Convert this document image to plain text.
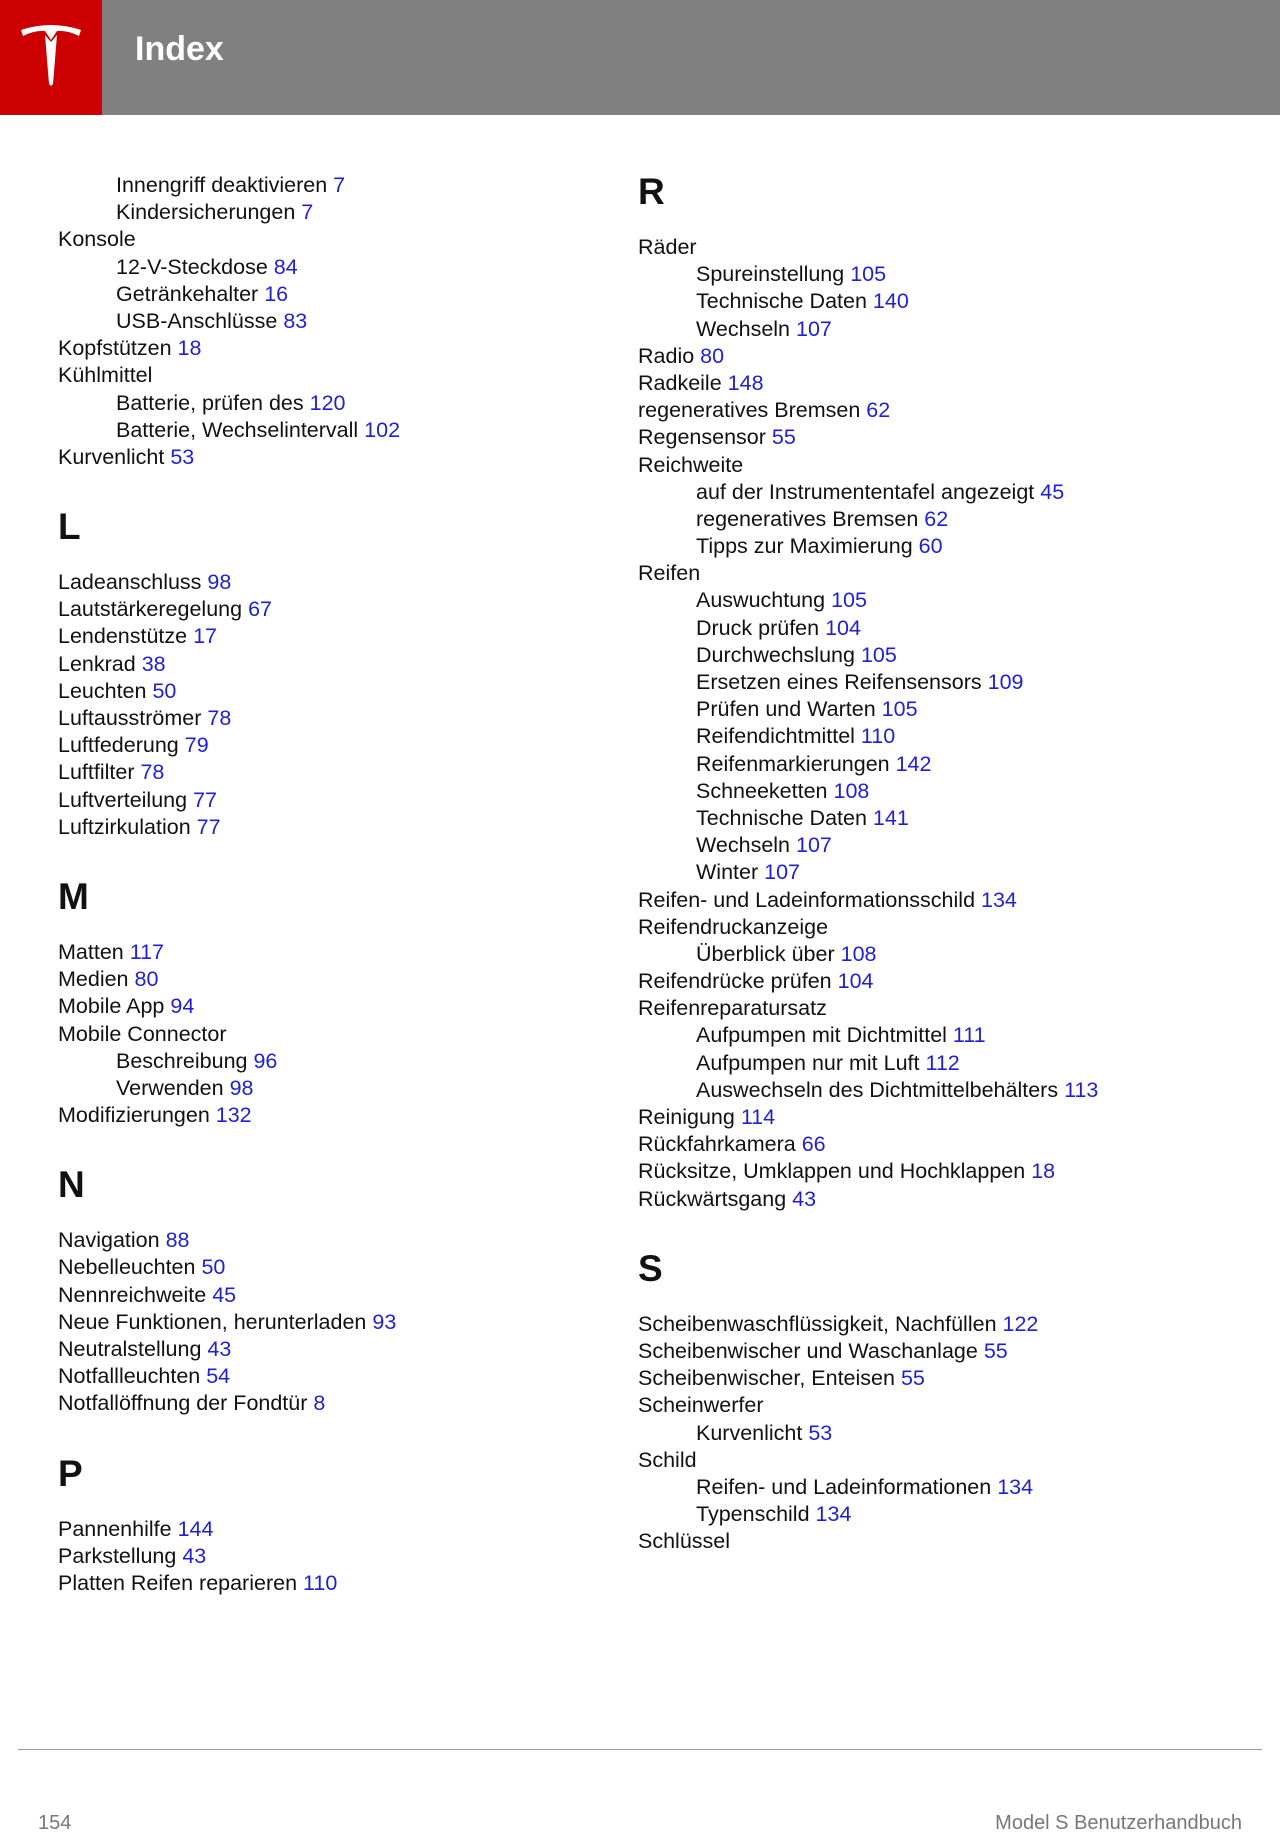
Index
Innengriff deaktivieren 7
Kindersicherungen 7
Konsole
12-V-Steckdose 84
Getränkehalter 16
USB-Anschlüsse 83
Kopfstützen 18
Kühlmittel
Batterie, prüfen des 120
Batterie, Wechselintervall 102
Kurvenlicht 53
L
Ladeanschluss 98
Lautstärkeregelung 67
Lendenstütze 17
Lenkrad 38
Leuchten 50
Luftausströmer 78
Luftfederung 79
Luftfilter 78
Luftverteilung 77
Luftzirkulation 77
M
Matten 117
Medien 80
Mobile App 94
Mobile Connector
Beschreibung 96
Verwenden 98
Modifizierungen 132
N
Navigation 88
Nebelleuchten 50
Nennreichweite 45
Neue Funktionen, herunterladen 93
Neutralstellung 43
Notfallleuchten 54
Notfallöffnung der Fondtür 8
P
Pannenhilfe 144
Parkstellung 43
Platten Reifen reparieren 110
R
Räder
Spureinstellung 105
Technische Daten 140
Wechseln 107
Radio 80
Radkeile 148
regeneratives Bremsen 62
Regensensor 55
Reichweite
auf der Instrumententafel angezeigt 45
regeneratives Bremsen 62
Tipps zur Maximierung 60
Reifen
Auswuchtung 105
Druck prüfen 104
Durchwechslung 105
Ersetzen eines Reifensensors 109
Prüfen und Warten 105
Reifendichtmittel 110
Reifenmarkierungen 142
Schneeketten 108
Technische Daten 141
Wechseln 107
Winter 107
Reifen- und Ladeinformationsschild 134
Reifendruckanzeige
Überblick über 108
Reifendrücke prüfen 104
Reifenreparatursatz
Aufpumpen mit Dichtmittel 111
Aufpumpen nur mit Luft 112
Auswechseln des Dichtmittelbehälters 113
Reinigung 114
Rückfahrkamera 66
Rücksitze, Umklappen und Hochklappen 18
Rückwärtsgang 43
S
Scheibenwaschflüssigkeit, Nachfüllen 122
Scheibenwischer und Waschanlage 55
Scheibenwischer, Enteisen 55
Scheinwerfer
Kurvenlicht 53
Schild
Reifen- und Ladeinformationen 134
Typenschild 134
Schlüssel
154	Model S Benutzerhandbuch
